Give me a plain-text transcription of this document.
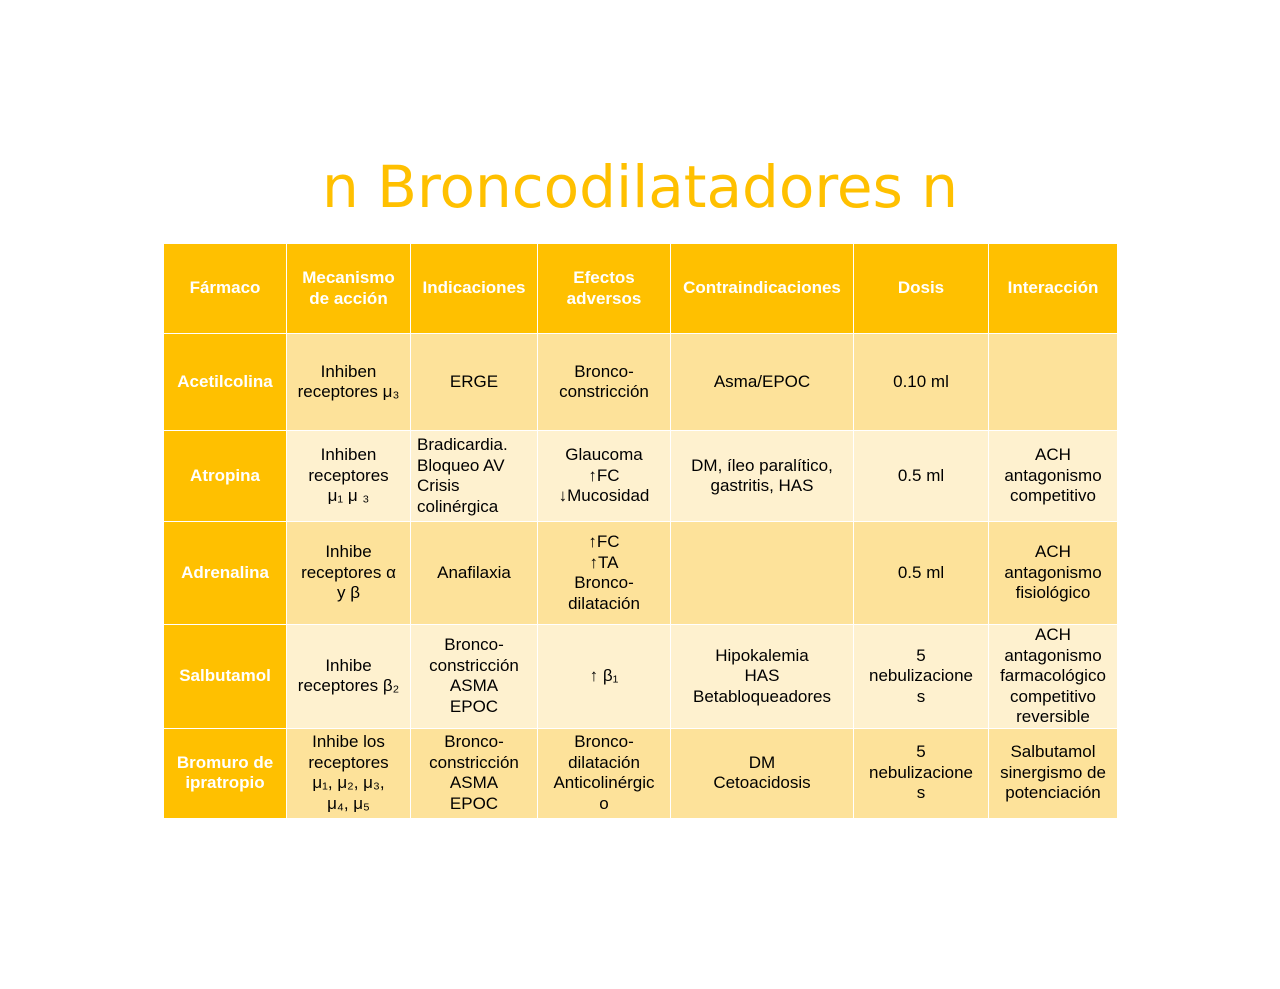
n Broncodilatadores n
Fármaco	Mecanismo de acción	Indicaciones	Efectos adversos	Contraindicaciones	Dosis	Interacción

Acetilcolina	Inhiben
receptores μ₃	ERGE	Bronco-
constricción	Asma/EPOC	0.10 ml	

Atropina	Inhiben
receptores
μ₁ μ ₃	Bradicardia.
Bloqueo AV
Crisis
colinérgica	Glaucoma
↑FC
↓Mucosidad	DM, íleo paralítico,
gastritis, HAS	0.5 ml	ACH
antagonismo
competitivo

Adrenalina	Inhibe
receptores α
y β	Anafilaxia	↑FC
↑TA
Bronco-
dilatación		0.5 ml	ACH
antagonismo
fisiológico

Salbutamol	Inhibe
receptores β₂	Bronco-
constricción
ASMA
EPOC	↑ β₁	Hipokalemia
HAS
Betabloqueadores	5
nebulizacione
s	ACH
antagonismo
farmacológico
competitivo
reversible

Bromuro de
ipratropio	Inhibe los
receptores
μ₁, μ₂, μ₃,
μ₄, μ₅	Bronco-
constricción
ASMA
EPOC	Bronco-
dilatación
Anticolinérgic
o	DM
Cetoacidosis	5
nebulizacione
s	Salbutamol
sinergismo de
potenciación
